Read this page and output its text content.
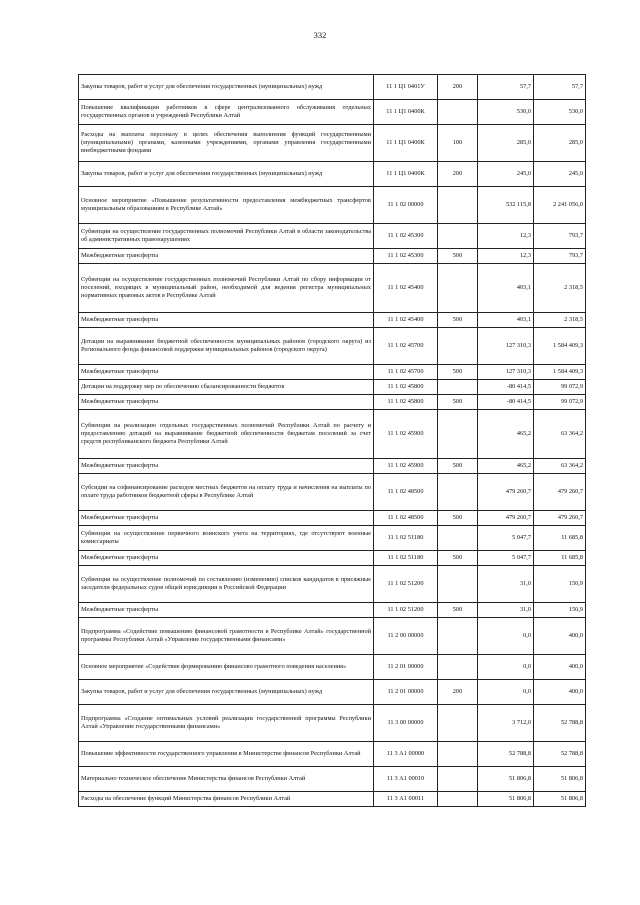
332
Закупка товаров, работ и услуг для обеспечения государственных (муниципальных) нужд	11 1 Ц1 0401У	200	57,7	57,7
Повышение квалификации работников в сфере централизованного обслуживания отдельных государственных органов и учреждений Республики Алтай	11 1 Ц1 0400К		530,0	530,0
Расходы на выплаты персоналу в целях обеспечения выполнения функций государственными (муниципальными) органами, казенными учреждениями, органами управления государственными внебюджетными фондами	11 1 Ц1 0400К	100	285,0	285,0
Закупка товаров, работ и услуг для обеспечения государственных (муниципальных) нужд	11 1 Ц1 0400К	200	245,0	245,0
Основное мероприятие «Повышение результативности предоставления межбюджетных трансфертов муниципальным образованиям в Республике Алтай»	11 1 02 00000		532 115,8	2 241 056,0
Субвенции на осуществление государственных полномочий Республики Алтай в области законодательства об административных правонарушениях	11 1 02 45300		12,3	793,7
Межбюджетные трансферты	11 1 02 45300	500	12,3	793,7
Субвенции на осуществление государственных полномочий Республики Алтай по сбору информации от поселений, входящих в муниципальный район, необходимой для ведения регистра муниципальных нормативных правовых актов в Республике Алтай	11 1 02 45400		403,1	2 318,5
Межбюджетные трансферты	11 1 02 45400	500	403,1	2 318,5
Дотации на выравнивание бюджетной обеспеченности муниципальных районов (городского округа) из Регионального фонда финансовой поддержки муниципальных районов (городского округа)	11 1 02 45700		127 310,3	1 584 409,3
Межбюджетные трансферты	11 1 02 45700	500	127 310,3	1 584 409,3
Дотации на поддержку мер по обеспечению сбалансированности бюджетов	11 1 02 45800		-80 414,5	99 072,9
Межбюджетные трансферты	11 1 02 45800	500	-80 414,5	99 072,9
Субвенции на реализацию отдельных государственных полномочий Республики Алтай по расчету и предоставлению дотаций на выравнивание бюджетной обеспеченности бюджетам поселений за счет средств республиканского бюджета Республики Алтай	11 1 02 45900		465,2	63 364,2
Межбюджетные трансферты	11 1 02 45900	500	465,2	63 364,2
Субсидии на софинансирование расходов местных бюджетов на оплату труда и начисления на выплаты по оплате труда работников бюджетной сферы в Республике Алтай	11 1 02 48500		479 260,7	479 260,7
Межбюджетные трансферты	11 1 02 48500	500	479 260,7	479 260,7
Субвенции на осуществление первичного воинского учета на территориях, где отсутствуют военные комиссариаты	11 1 02 51180		5 047,7	11 685,8
Межбюджетные трансферты	11 1 02 51180	500	5 047,7	11 685,8
Субвенции на осуществление полномочий по составлению (изменению) списков кандидатов в присяжные заседатели федеральных судов общей юрисдикции в Российской Федерации	11 1 02 51200		31,0	150,9
Межбюджетные трансферты	11 1 02 51200	500	31,0	150,9
Подпрограмма «Содействие повышению финансовой грамотности в Республике Алтай» государственной программы Республики Алтай «Управление государственными финансами»	11 2 00 00000		0,0	400,0
Основное мероприятие «Содействие формированию финансово грамотного поведения населения»	11 2 01 00000		0,0	400,0
Закупка товаров, работ и услуг для обеспечения государственных (муниципальных) нужд	11 2 01 00000	200	0,0	400,0
Подпрограмма «Создание оптимальных условий реализации государственной программы Республики Алтай «Управление государственными финансами»	11 3 00 00000		3 712,0	52 788,8
Повышение эффективности государственного управления в Министерстве финансов Республики Алтай	11 3 А1 00000		52 788,8	52 788,8
Материально техническое обеспечение Министерства финансов Республики Алтай	11 3 А1 00010		51 806,8	51 806,8
Расходы на обеспечение функций Министерства финансов Республики Алтай	11 3 А1 00011		51 806,8	51 806,8
